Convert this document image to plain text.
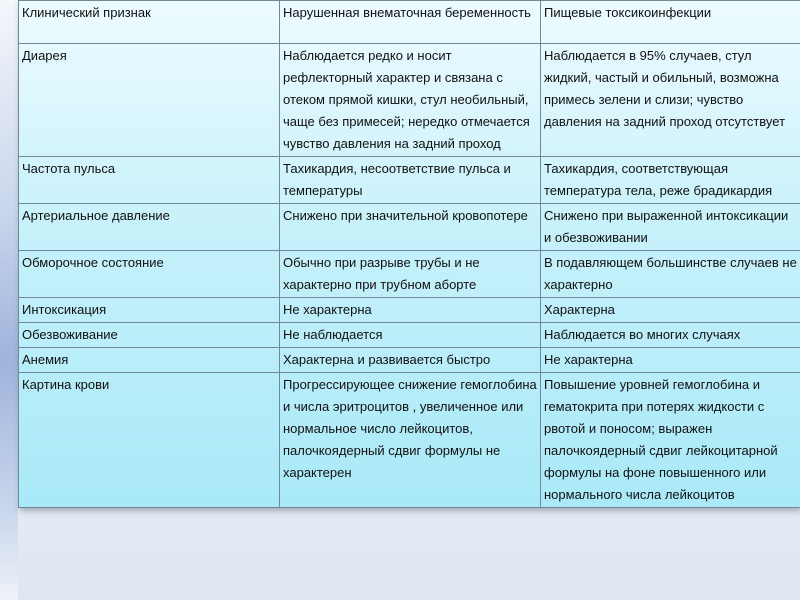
Клинический признак	Нарушенная внематочная беременность	Пищевые токсикоинфекции
Диарея	Наблюдается редко и носит рефлекторный характер и связана с отеком прямой кишки, стул необильный, чаще без примесей; нередко отмечается чувство давления на задний проход	Наблюдается в 95% случаев, стул жидкий, частый и обильный, возможна примесь зелени и слизи; чувство давления на задний проход отсутствует
Частота пульса	Тахикардия, несоответствие пульса и температуры	Тахикардия, соответствующая температура тела, реже брадикардия
Артериальное давление	Снижено при значительной кровопотере	Снижено при выраженной интоксикации и обезвоживании
Обморочное состояние	Обычно при разрыве трубы и не характерно при трубном аборте	В подавляющем большинстве случаев не характерно
Интоксикация	Не характерна	Характерна
Обезвоживание	Не наблюдается	Наблюдается во многих случаях
Анемия	Характерна и развивается быстро	Не характерна
Картина крови	Прогрессирующее снижение гемоглобина и числа эритроцитов , увеличенное или нормальное число лейкоцитов, палочкоядерный сдвиг формулы не характерен	Повышение уровней гемоглобина и гематокрита при потерях жидкости с рвотой и поносом; выражен палочкоядерный сдвиг лейкоцитарной формулы на фоне повышенного или нормального числа лейкоцитов
